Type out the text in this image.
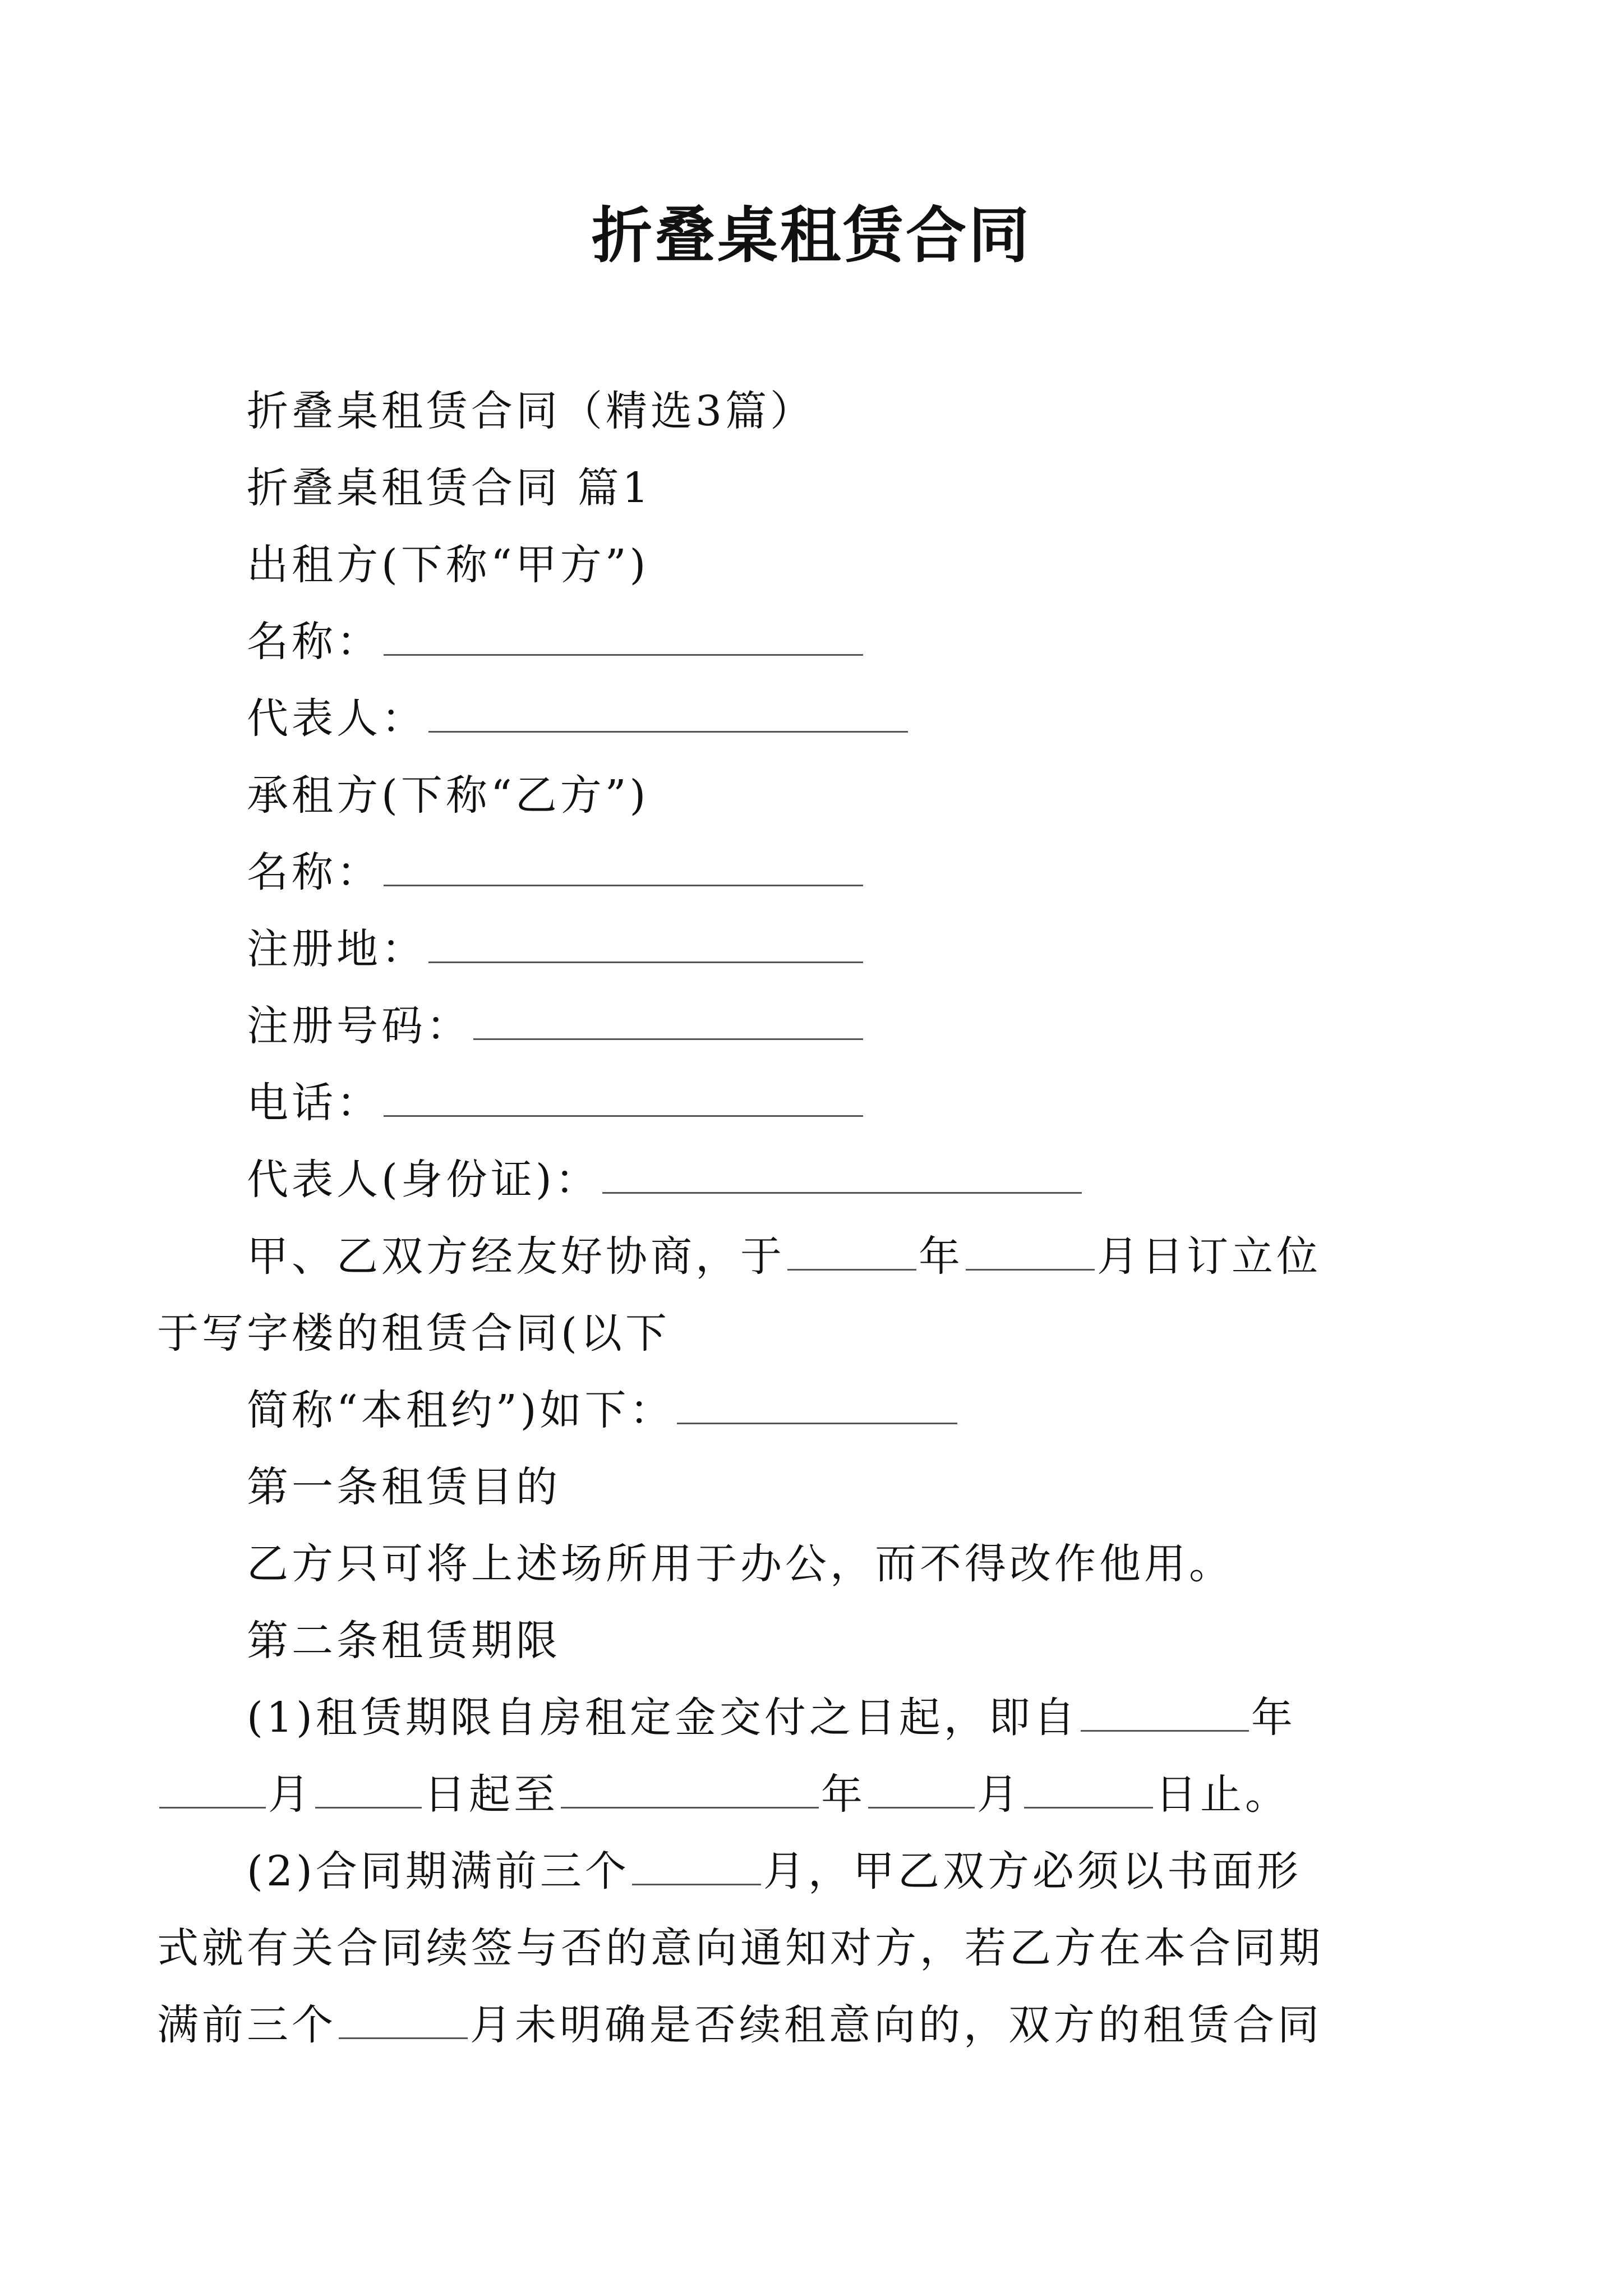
折叠桌租赁合同
折叠桌租赁合同（精选3篇）
折叠桌租赁合同 篇1
出租方(下称“甲方”)
名称：
代表人：
承租方(下称“乙方”)
名称：
注册地：
注册号码：
电话：
代表人(身份证)：
甲、乙双方经友好协商，于	年	月日订立位
于写字楼的租赁合同(以下
简称“本租约”)如下：
第一条租赁目的
乙方只可将上述场所用于办公，而不得改作他用。
第二条租赁期限
(1)租赁期限自房租定金交付之日起，即自	年
月	日起至	年	月	日止。
(2)合同期满前三个	月，甲乙双方必须以书面形
式就有关合同续签与否的意向通知对方，若乙方在本合同期
满前三个	月未明确是否续租意向的，双方的租赁合同
